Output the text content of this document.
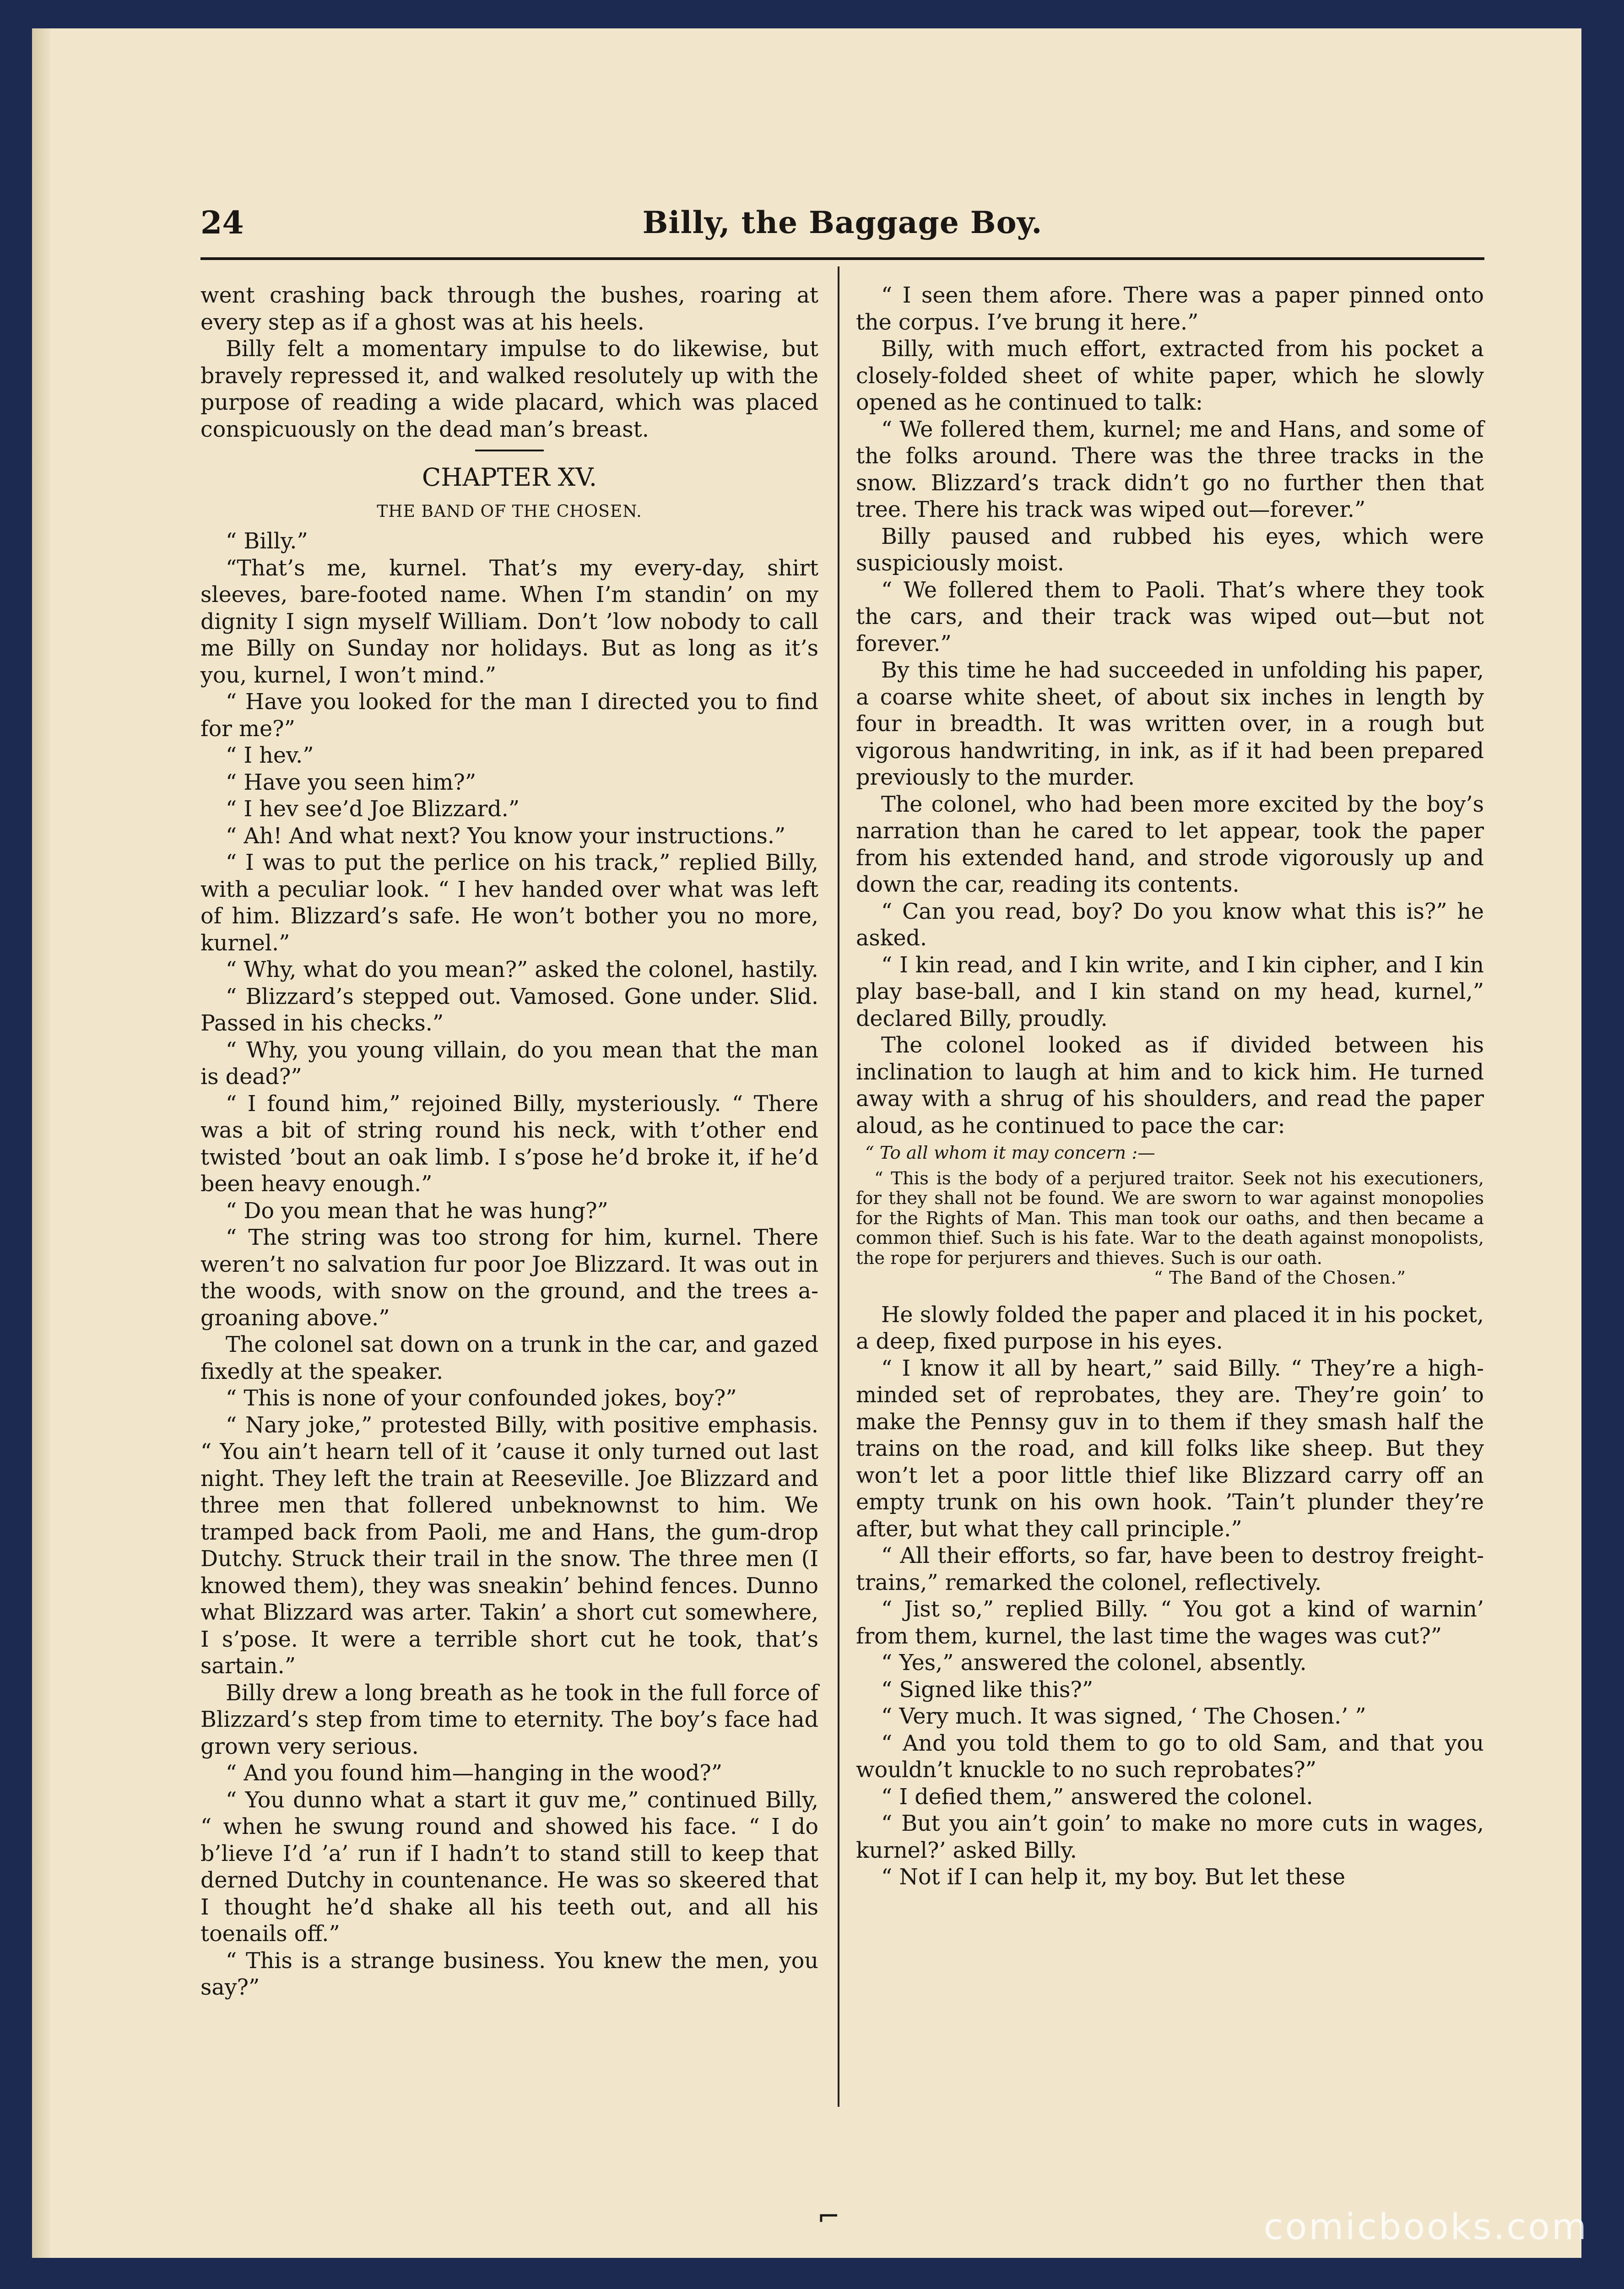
24	Billy, the Baggage Boy.

went crashing back through the bushes, roaring at every step as if a ghost was at his heels.

Billy felt a momentary impulse to do likewise, but bravely repressed it, and walked resolutely up with the purpose of reading a wide placard, which was placed conspicuously on the dead man’s breast.

CHAPTER XV.
THE BAND OF THE CHOSEN.

“ Billy.”

“That’s me, kurnel. That’s my every-day, shirt sleeves, bare-footed name. When I’m standin’ on my dignity I sign myself William. Don’t ’low nobody to call me Billy on Sunday nor holidays. But as long as it’s you, kurnel, I won’t mind.”

“ Have you looked for the man I directed you to find for me?”

“ I hev.”

“ Have you seen him?”

“ I hev see’d Joe Blizzard.”

“ Ah! And what next? You know your instructions.”

“ I was to put the perlice on his track,” replied Billy, with a peculiar look. “ I hev handed over what was left of him. Blizzard’s safe. He won’t bother you no more, kurnel.”

“ Why, what do you mean?” asked the colonel, hastily.

“ Blizzard’s stepped out. Vamosed. Gone under. Slid. Passed in his checks.”

“ Why, you young villain, do you mean that the man is dead?”

“ I found him,” rejoined Billy, mysteriously. “ There was a bit of string round his neck, with t’other end twisted ’bout an oak limb. I s’pose he’d broke it, if he’d been heavy enough.”

“ Do you mean that he was hung?”

“ The string was too strong for him, kurnel. There weren’t no salvation fur poor Joe Blizzard. It was out in the woods, with snow on the ground, and the trees a-groaning above.”

The colonel sat down on a trunk in the car, and gazed fixedly at the speaker.

“ This is none of your confounded jokes, boy?”

“ Nary joke,” protested Billy, with positive emphasis. “ You ain’t hearn tell of it ’cause it only turned out last night. They left the train at Reeseville. Joe Blizzard and three men that follered unbeknownst to him. We tramped back from Paoli, me and Hans, the gum-drop Dutchy. Struck their trail in the snow. The three men (I knowed them), they was sneakin’ behind fences. Dunno what Blizzard was arter. Takin’ a short cut somewhere, I s’pose. It were a terrible short cut he took, that’s sartain.”

Billy drew a long breath as he took in the full force of Blizzard’s step from time to eternity. The boy’s face had grown very serious.

“ And you found him—hanging in the wood?”

“ You dunno what a start it guv me,” continued Billy, “ when he swung round and showed his face. “ I do b’lieve I’d ’a’ run if I hadn’t to stand still to keep that derned Dutchy in countenance. He was so skeered that I thought he’d shake all his teeth out, and all his toenails off.”

“ This is a strange business. You knew the men, you say?”

“ I seen them afore. There was a paper pinned onto the corpus. I’ve brung it here.”

Billy, with much effort, extracted from his pocket a closely-folded sheet of white paper, which he slowly opened as he continued to talk:

“ We follered them, kurnel; me and Hans, and some of the folks around. There was the three tracks in the snow. Blizzard’s track didn’t go no further then that tree. There his track was wiped out—forever.”

Billy paused and rubbed his eyes, which were suspiciously moist.

“ We follered them to Paoli. That’s where they took the cars, and their track was wiped out—but not forever.”

By this time he had succeeded in unfolding his paper, a coarse white sheet, of about six inches in length by four in breadth. It was written over, in a rough but vigorous handwriting, in ink, as if it had been prepared previously to the murder.

The colonel, who had been more excited by the boy’s narration than he cared to let appear, took the paper from his extended hand, and strode vigorously up and down the car, reading its contents.

“ Can you read, boy? Do you know what this is?” he asked.

“ I kin read, and I kin write, and I kin cipher, and I kin play base-ball, and I kin stand on my head, kurnel,” declared Billy, proudly.

The colonel looked as if divided between his inclination to laugh at him and to kick him. He turned away with a shrug of his shoulders, and read the paper aloud, as he continued to pace the car:

“ To all whom it may concern :—

“ This is the body of a perjured traitor. Seek not his executioners, for they shall not be found. We are sworn to war against monopolies for the Rights of Man. This man took our oaths, and then became a common thief. Such is his fate. War to the death against monopolists, the rope for perjurers and thieves. Such is our oath.

“ The Band of the Chosen.”

He slowly folded the paper and placed it in his pocket, a deep, fixed purpose in his eyes.

“ I know it all by heart,” said Billy. “ They’re a high-minded set of reprobates, they are. They’re goin’ to make the Pennsy guv in to them if they smash half the trains on the road, and kill folks like sheep. But they won’t let a poor little thief like Blizzard carry off an empty trunk on his own hook. ’Tain’t plunder they’re after, but what they call principle.”

“ All their efforts, so far, have been to destroy freight-trains,” remarked the colonel, reflectively.

“ Jist so,” replied Billy. “ You got a kind of warnin’ from them, kurnel, the last time the wages was cut?”

“ Yes,” answered the colonel, absently.

“ Signed like this?”

“ Very much. It was signed, ‘ The Chosen.’ ”

“ And you told them to go to old Sam, and that you wouldn’t knuckle to no such reprobates?”

“ I defied them,” answered the colonel.

“ But you ain’t goin’ to make no more cuts in wages, kurnel?’ asked Billy.

“ Not if I can help it, my boy. But let these

⌐	comicbooks.com
